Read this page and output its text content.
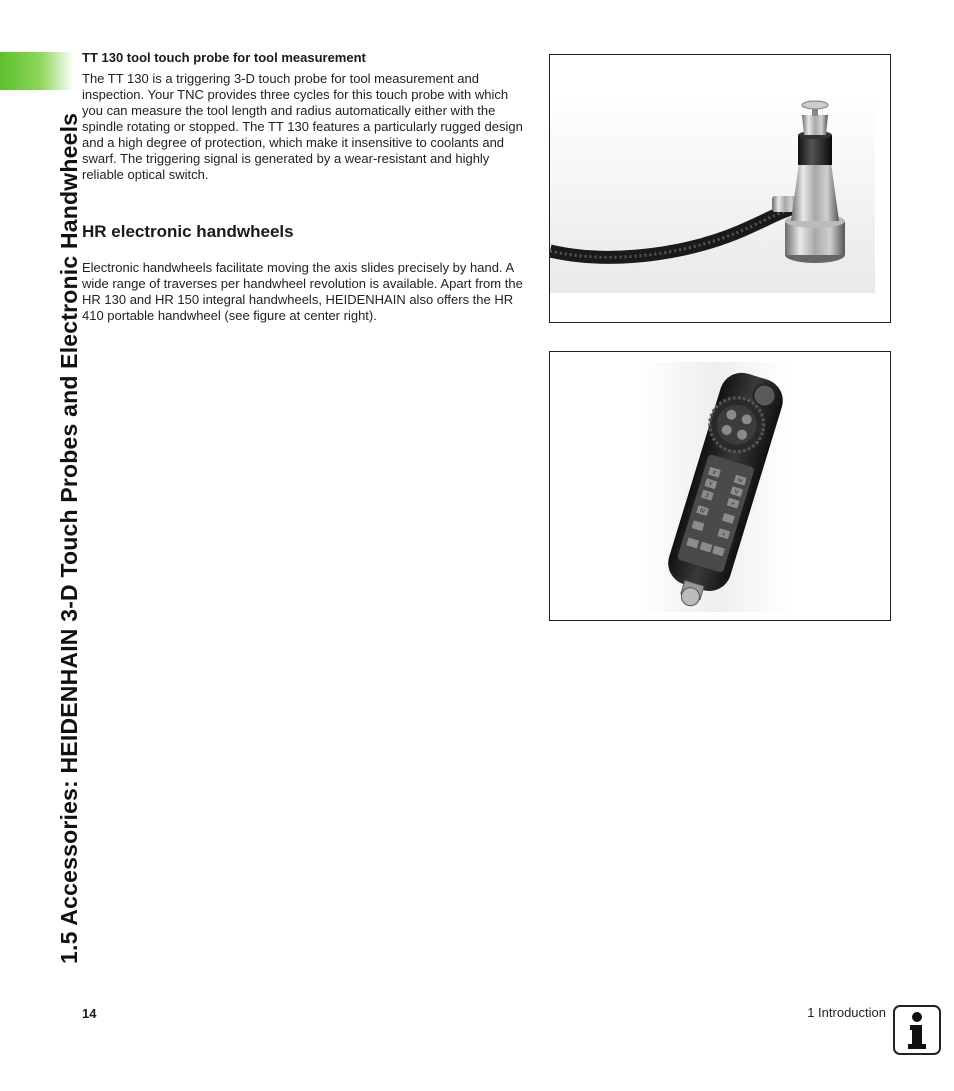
1.5 Accessories: HEIDENHAIN 3-D Touch Probes and Electronic Handwheels

TT 130 tool touch probe for tool measurement

The TT 130 is a triggering 3-D touch probe for tool measurement and inspection. Your TNC provides three cycles for this touch probe with which you can measure the tool length and radius automatically either with the spindle rotating or stopped. The TT 130 features a particularly rugged design and a high degree of protection, which make it insensitive to coolants and swarf. The triggering signal is generated by a wear-resistant and highly reliable optical switch.

HR electronic handwheels

Electronic handwheels facilitate moving the axis slides precisely by hand. A wide range of traverses per handwheel revolution is available. Apart from the HR 130 and HR 150 integral handwheels, HEIDENHAIN also offers the HR 410 portable handwheel (see figure at center right).

X
Y
Z
IV
IV
V
+
+
14	1 Introduction
